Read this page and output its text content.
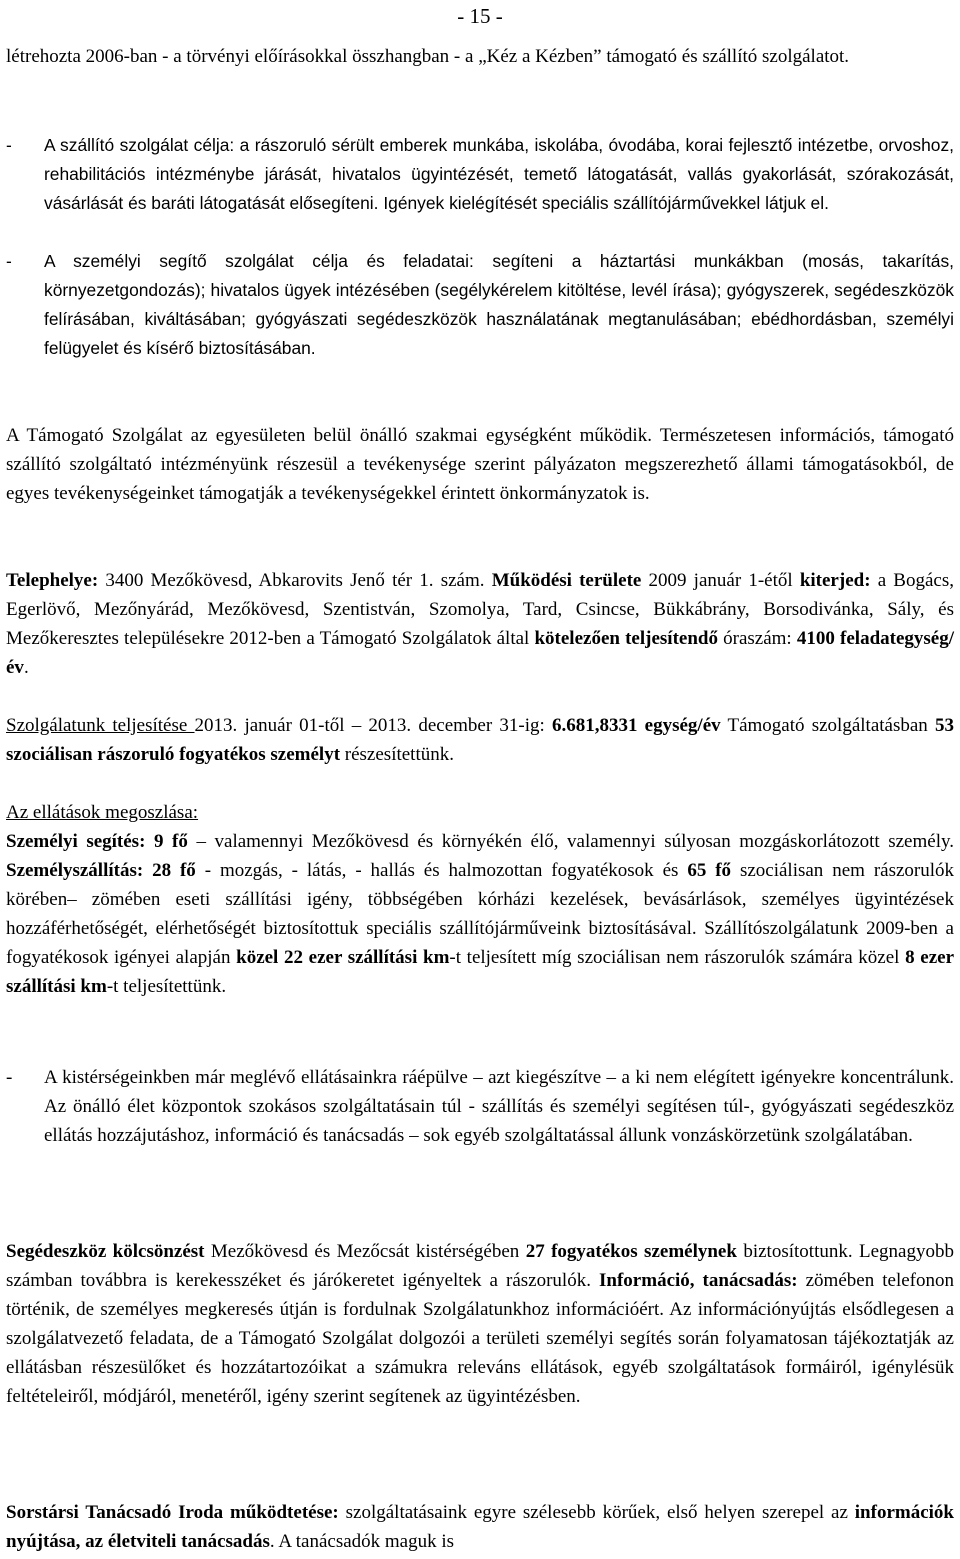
- 15 -

létrehozta 2006-ban - a törvényi előírásokkal összhangban - a „Kéz a Kézben” támogató és szállító szolgálatot.

-	A szállító szolgálat célja: a rászoruló sérült emberek munkába, iskolába, óvodába, korai fejlesztő intézetbe, orvoshoz, rehabilitációs intézménybe járását, hivatalos ügyintézését, temető látogatását, vallás gyakorlását, szórakozását, vásárlását és baráti látogatását elősegíteni. Igények kielégítését speciális szállítójárművekkel látjuk el.
-	A személyi segítő szolgálat célja és feladatai: segíteni a háztartási munkákban (mosás, takarítás, környezetgondozás); hivatalos ügyek intézésében (segélykérelem kitöltése, levél írása); gyógyszerek, segédeszközök felírásában, kiváltásában; gyógyászati segédeszközök használatának megtanulásában; ebédhordásban, személyi felügyelet és kísérő biztosításában.

A Támogató Szolgálat az egyesületen belül önálló szakmai egységként működik. Természetesen információs, támogató szállító szolgáltató intézményünk részesül a tevékenysége szerint pályázaton megszerezhető állami támogatásokból, de egyes tevékenységeinket támogatják a tevékenységekkel érintett önkormányzatok is.

Telephelye: 3400 Mezőkövesd, Abkarovits Jenő tér 1. szám. Működési területe 2009 január 1-étől kiterjed: a Bogács, Egerlövő, Mezőnyárád, Mezőkövesd, Szentistván, Szomolya, Tard, Csincse, Bükkábrány, Borsodivánka, Sály, és Mezőkeresztes településekre 2012-ben a Támogató Szolgálatok által kötelezően teljesítendő óraszám: 4100 feladategység/év.

Szolgálatunk teljesítése 2013. január 01-től – 2013. december 31-ig: 6.681,8331 egység/év Támogató szolgáltatásban 53 szociálisan rászoruló fogyatékos személyt részesítettünk.

Az ellátások megoszlása:
Személyi segítés: 9 fő – valamennyi Mezőkövesd és környékén élő, valamennyi súlyosan mozgáskorlátozott személy. Személyszállítás: 28 fő - mozgás, - látás, - hallás és halmozottan fogyatékosok és 65 fő szociálisan nem rászorulók körében– zömében eseti szállítási igény, többségében kórházi kezelések, bevásárlások, személyes ügyintézések hozzáférhetőségét, elérhetőségét biztosítottuk speciális szállítójárműveink biztosításával. Szállítószolgálatunk 2009-ben a fogyatékosok igényei alapján közel 22 ezer szállítási km-t teljesített míg szociálisan nem rászorulók számára közel 8 ezer szállítási km-t teljesítettünk.

-	A kistérségeinkben már meglévő ellátásainkra ráépülve – azt kiegészítve – a ki nem elégített igényekre koncentrálunk. Az önálló élet központok szokásos szolgáltatásain túl - szállítás és személyi segítésen túl-, gyógyászati segédeszköz ellátás hozzájutáshoz, információ és tanácsadás – sok egyéb szolgáltatással állunk vonzáskörzetünk szolgálatában.

Segédeszköz kölcsönzést Mezőkövesd és Mezőcsát kistérségében 27 fogyatékos személynek biztosítottunk. Legnagyobb számban továbbra is kerekesszéket és járókeretet igényeltek a rászorulók. Információ, tanácsadás: zömében telefonon történik, de személyes megkeresés útján is fordulnak Szolgálatunkhoz információért. Az információnyújtás elsődlegesen a szolgálatvezető feladata, de a Támogató Szolgálat dolgozói a területi személyi segítés során folyamatosan tájékoztatják az ellátásban részesülőket és hozzátartozóikat a számukra releváns ellátások, egyéb szolgáltatások formáiról, igénylésük feltételeiről, módjáról, menetéről, igény szerint segítenek az ügyintézésben.

Sorstársi Tanácsadó Iroda működtetése: szolgáltatásaink egyre szélesebb körűek, első helyen szerepel az információk nyújtása, az életviteli tanácsadás. A tanácsadók maguk is
